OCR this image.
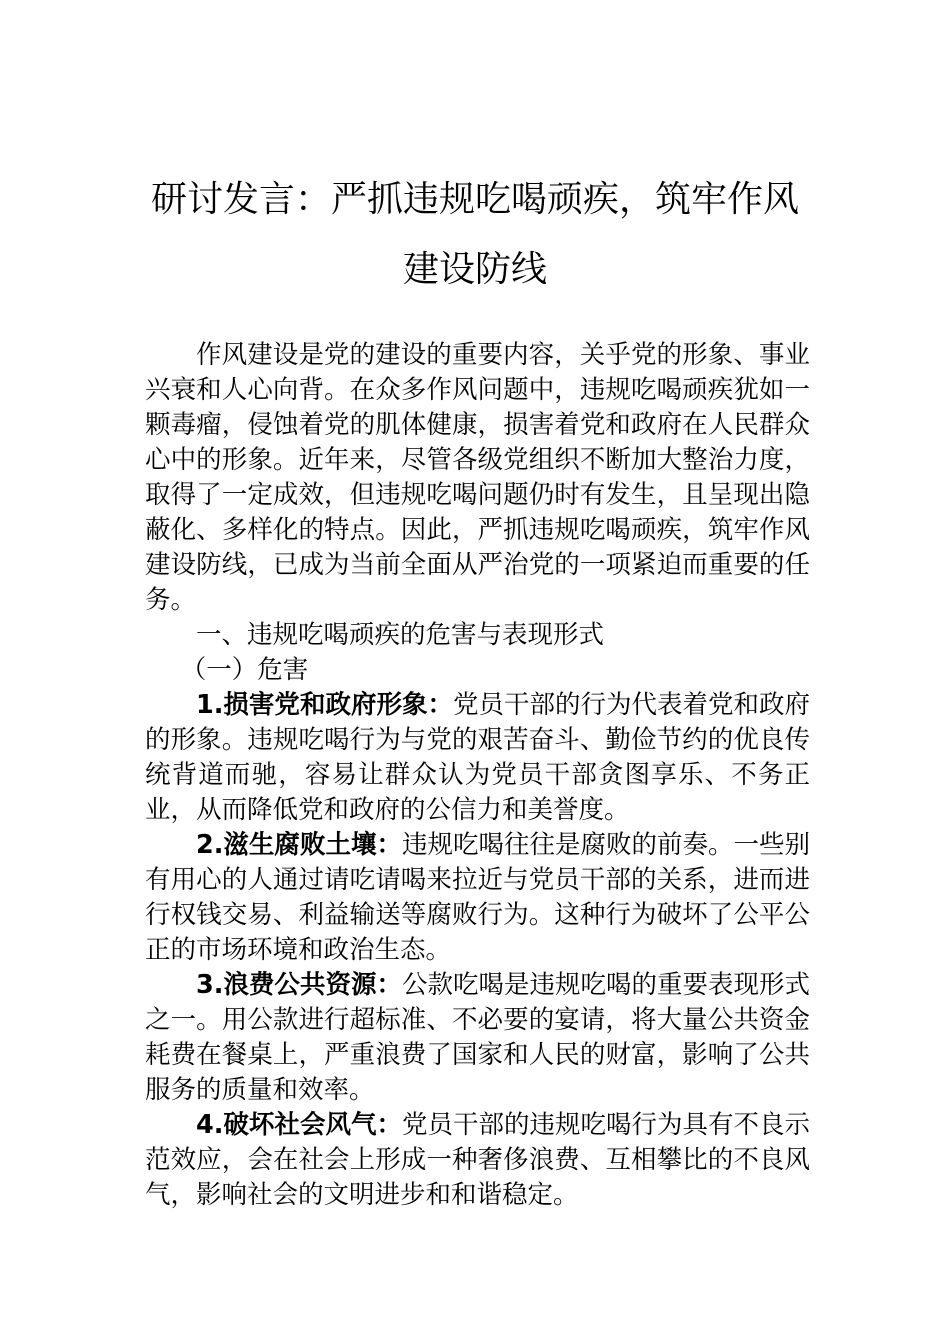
研讨发言：严抓违规吃喝顽疾，筑牢作风
建设防线

作风建设是党的建设的重要内容，关乎党的形象、事业兴衰和人心向背。在众多作风问题中，违规吃喝顽疾犹如一颗毒瘤，侵蚀着党的肌体健康，损害着党和政府在人民群众心中的形象。近年来，尽管各级党组织不断加大整治力度，取得了一定成效，但违规吃喝问题仍时有发生，且呈现出隐蔽化、多样化的特点。因此，严抓违规吃喝顽疾，筑牢作风建设防线，已成为当前全面从严治党的一项紧迫而重要的任务。

一、违规吃喝顽疾的危害与表现形式

（一）危害

1.损害党和政府形象：党员干部的行为代表着党和政府的形象。违规吃喝行为与党的艰苦奋斗、勤俭节约的优良传统背道而驰，容易让群众认为党员干部贪图享乐、不务正业，从而降低党和政府的公信力和美誉度。

2.滋生腐败土壤：违规吃喝往往是腐败的前奏。一些别有用心的人通过请吃请喝来拉近与党员干部的关系，进而进行权钱交易、利益输送等腐败行为。这种行为破坏了公平公正的市场环境和政治生态。

3.浪费公共资源：公款吃喝是违规吃喝的重要表现形式之一。用公款进行超标准、不必要的宴请，将大量公共资金耗费在餐桌上，严重浪费了国家和人民的财富，影响了公共服务的质量和效率。

4.破坏社会风气：党员干部的违规吃喝行为具有不良示范效应，会在社会上形成一种奢侈浪费、互相攀比的不良风气，影响社会的文明进步和和谐稳定。
